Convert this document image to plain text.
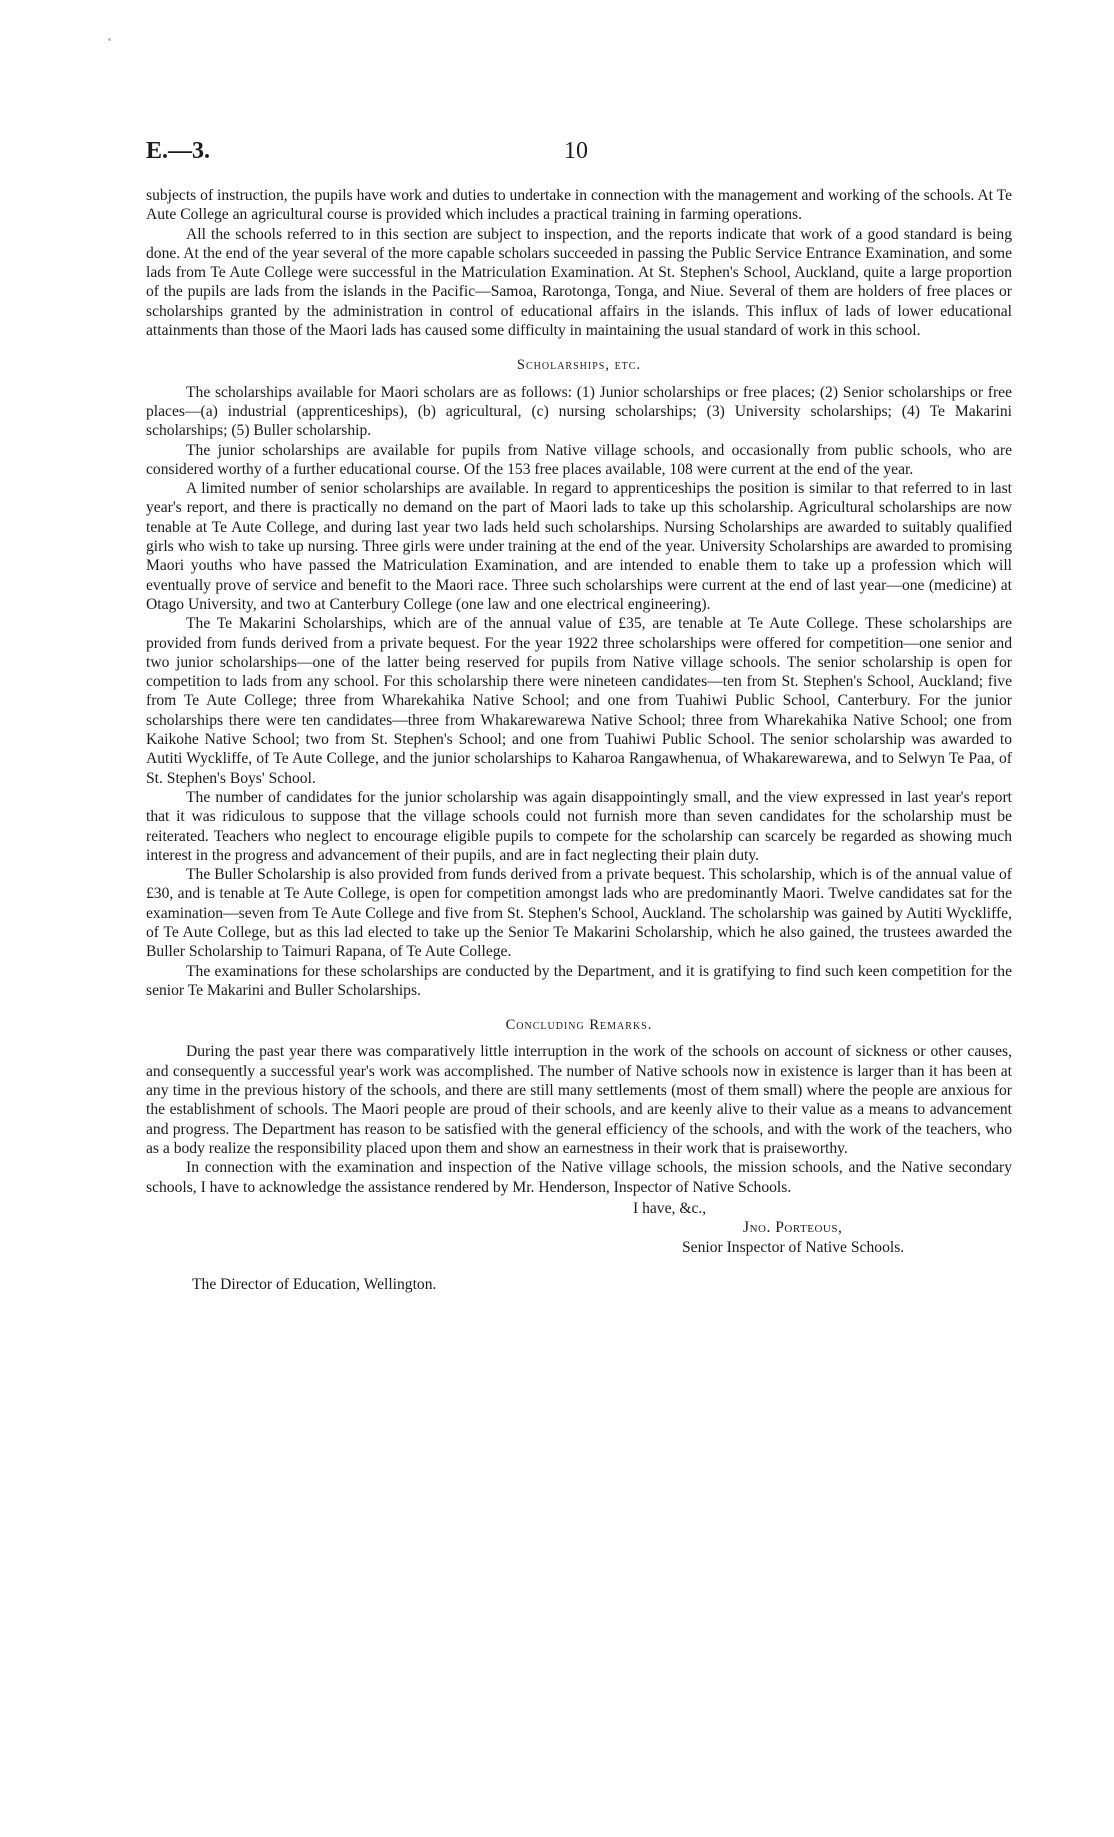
E.—3.	10

subjects of instruction, the pupils have work and duties to undertake in connection with the management and working of the schools. At Te Aute College an agricultural course is provided which includes a practical training in farming operations.

All the schools referred to in this section are subject to inspection, and the reports indicate that work of a good standard is being done. At the end of the year several of the more capable scholars succeeded in passing the Public Service Entrance Examination, and some lads from Te Aute College were successful in the Matriculation Examination. At St. Stephen's School, Auckland, quite a large proportion of the pupils are lads from the islands in the Pacific—Samoa, Rarotonga, Tonga, and Niue. Several of them are holders of free places or scholarships granted by the administration in control of educational affairs in the islands. This influx of lads of lower educational attainments than those of the Maori lads has caused some difficulty in maintaining the usual standard of work in this school.

Scholarships, etc.

The scholarships available for Maori scholars are as follows: (1) Junior scholarships or free places; (2) Senior scholarships or free places—(a) industrial (apprenticeships), (b) agricultural, (c) nursing scholarships; (3) University scholarships; (4) Te Makarini scholarships; (5) Buller scholarship.

The junior scholarships are available for pupils from Native village schools, and occasionally from public schools, who are considered worthy of a further educational course. Of the 153 free places available, 108 were current at the end of the year.

A limited number of senior scholarships are available. In regard to apprenticeships the position is similar to that referred to in last year's report, and there is practically no demand on the part of Maori lads to take up this scholarship. Agricultural scholarships are now tenable at Te Aute College, and during last year two lads held such scholarships. Nursing Scholarships are awarded to suitably qualified girls who wish to take up nursing. Three girls were under training at the end of the year. University Scholarships are awarded to promising Maori youths who have passed the Matriculation Examination, and are intended to enable them to take up a profession which will eventually prove of service and benefit to the Maori race. Three such scholarships were current at the end of last year—one (medicine) at Otago University, and two at Canterbury College (one law and one electrical engineering).

The Te Makarini Scholarships, which are of the annual value of £35, are tenable at Te Aute College. These scholarships are provided from funds derived from a private bequest. For the year 1922 three scholarships were offered for competition—one senior and two junior scholarships—one of the latter being reserved for pupils from Native village schools. The senior scholarship is open for competition to lads from any school. For this scholarship there were nineteen candidates—ten from St. Stephen's School, Auckland; five from Te Aute College; three from Wharekahika Native School; and one from Tuahiwi Public School, Canterbury. For the junior scholarships there were ten candidates—three from Whakarewarewa Native School; three from Wharekahika Native School; one from Kaikohe Native School; two from St. Stephen's School; and one from Tuahiwi Public School. The senior scholarship was awarded to Autiti Wyckliffe, of Te Aute College, and the junior scholarships to Kaharoa Rangawhenua, of Whakarewarewa, and to Selwyn Te Paa, of St. Stephen's Boys' School.

The number of candidates for the junior scholarship was again disappointingly small, and the view expressed in last year's report that it was ridiculous to suppose that the village schools could not furnish more than seven candidates for the scholarship must be reiterated. Teachers who neglect to encourage eligible pupils to compete for the scholarship can scarcely be regarded as showing much interest in the progress and advancement of their pupils, and are in fact neglecting their plain duty.

The Buller Scholarship is also provided from funds derived from a private bequest. This scholarship, which is of the annual value of £30, and is tenable at Te Aute College, is open for competition amongst lads who are predominantly Maori. Twelve candidates sat for the examination—seven from Te Aute College and five from St. Stephen's School, Auckland. The scholarship was gained by Autiti Wyckliffe, of Te Aute College, but as this lad elected to take up the Senior Te Makarini Scholarship, which he also gained, the trustees awarded the Buller Scholarship to Taimuri Rapana, of Te Aute College.

The examinations for these scholarships are conducted by the Department, and it is gratifying to find such keen competition for the senior Te Makarini and Buller Scholarships.

Concluding Remarks.

During the past year there was comparatively little interruption in the work of the schools on account of sickness or other causes, and consequently a successful year's work was accomplished. The number of Native schools now in existence is larger than it has been at any time in the previous history of the schools, and there are still many settlements (most of them small) where the people are anxious for the establishment of schools. The Maori people are proud of their schools, and are keenly alive to their value as a means to advancement and progress. The Department has reason to be satisfied with the general efficiency of the schools, and with the work of the teachers, who as a body realize the responsibility placed upon them and show an earnestness in their work that is praiseworthy.

In connection with the examination and inspection of the Native village schools, the mission schools, and the Native secondary schools, I have to acknowledge the assistance rendered by Mr. Henderson, Inspector of Native Schools.

I have, &c.,
Jno. Porteous,
Senior Inspector of Native Schools.
The Director of Education, Wellington.
